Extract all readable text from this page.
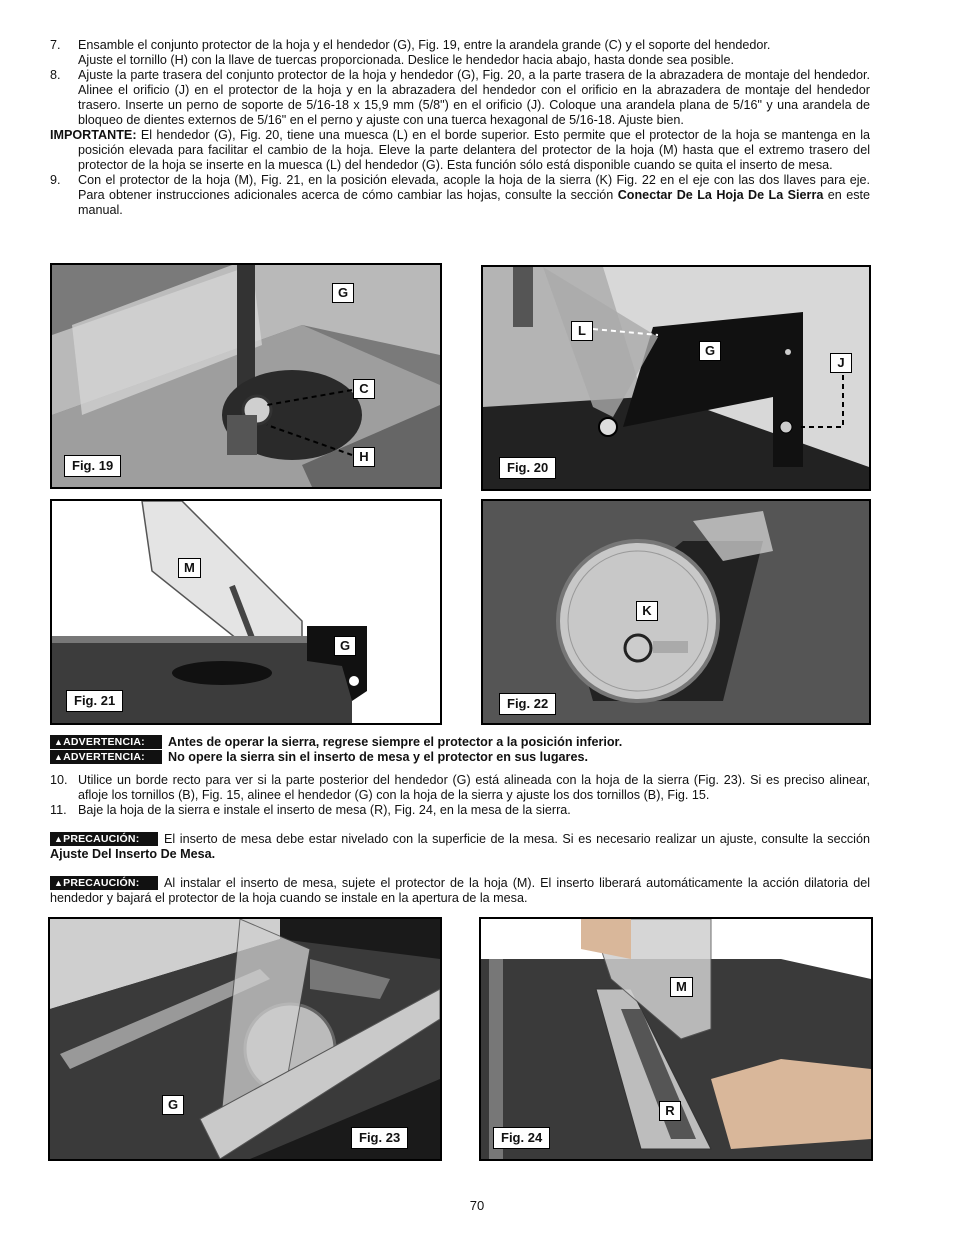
7. Ensamble el conjunto protector de la hoja y el hendedor (G), Fig. 19, entre la arandela grande (C) y el soporte del hendedor.
Ajuste el tornillo (H) con la llave de tuercas proporcionada. Deslice le hendedor hacia abajo, hasta donde sea posible.
8. Ajuste la parte trasera del conjunto protector de la hoja y hendedor (G), Fig. 20, a la parte trasera de la abrazadera de montaje del hendedor. Alinee el orificio (J) en el protector de la hoja y en la abrazadera del hendedor con el orificio en la abrazadera de montaje del hendedor trasero. Inserte un perno de soporte de 5/16-18 x 15,9 mm (5/8") en el orificio (J). Coloque una arandela plana de 5/16" y una arandela de bloqueo de dientes externos de 5/16" en el perno y ajuste con una tuerca hexagonal de 5/16-18. Ajuste bien.
IMPORTANTE: El hendedor (G), Fig. 20, tiene una muesca (L) en el borde superior. Esto permite que el protector de la hoja se mantenga en la posición elevada para facilitar el cambio de la hoja. Eleve la parte delantera del protector de la hoja (M) hasta que el extremo trasero del protector de la hoja se inserte en la muesca (L) del hendedor (G). Esta función sólo está disponible cuando se quita el inserto de mesa.
9. Con el protector de la hoja (M), Fig. 21, en la posición elevada, acople la hoja de la sierra (K) Fig. 22 en el eje con las dos llaves para eje. Para obtener instrucciones adicionales acerca de cómo cambiar las hojas, consulte la sección Conectar De La Hoja De La Sierra en este manual.
G
C
H
Fig. 19
L
G
J
Fig. 20
M
G
Fig. 21
K
Fig. 22
▲ADVERTENCIA: Antes de operar la sierra, regrese siempre el protector a la posición inferior.
▲ADVERTENCIA: No opere la sierra sin el inserto de mesa y el protector en sus lugares.
10. Utilice un borde recto para ver si la parte posterior del hendedor (G) está alineada con la hoja de la sierra (Fig. 23). Si es preciso alinear, afloje los tornillos (B), Fig. 15, alinee el hendedor (G) con la hoja de la sierra y ajuste los dos tornillos (B), Fig. 15.
11. Baje la hoja de la sierra e instale el inserto de mesa (R), Fig. 24, en la mesa de la sierra.
▲PRECAUCIÓN: El inserto de mesa debe estar nivelado con la superficie de la mesa. Si es necesario realizar un ajuste, consulte la sección Ajuste Del Inserto De Mesa.
▲PRECAUCIÓN: Al instalar el inserto de mesa, sujete el protector de la hoja (M). El inserto liberará automáticamente la acción dilatoria del hendedor y bajará el protector de la hoja cuando se instale en la apertura de la mesa.
G
Fig. 23
M
R
Fig. 24
70
